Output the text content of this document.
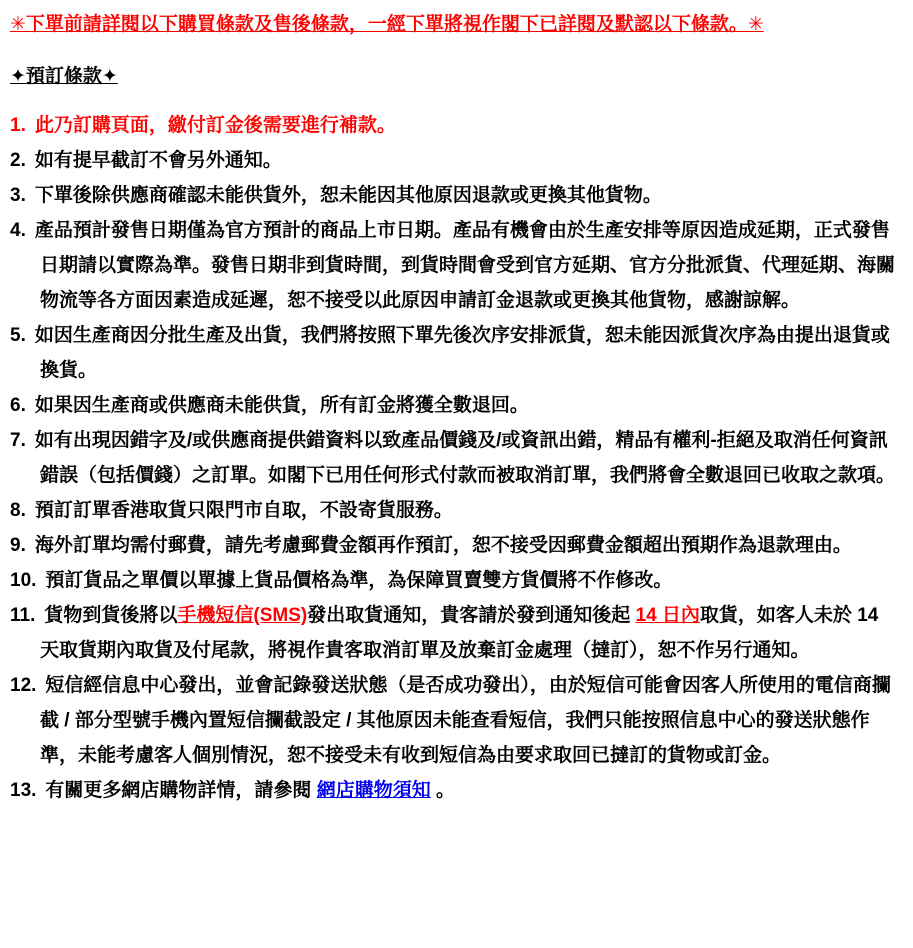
✳下單前請詳閱以下購買條款及售後條款，一經下單將視作閣下已詳閱及默認以下條款。✳
✦預訂條款✦
1. 此乃訂購頁面，繳付訂金後需要進行補款。
2. 如有提早截訂不會另外通知。
3. 下單後除供應商確認未能供貨外，恕未能因其他原因退款或更換其他貨物。
4. 產品預計發售日期僅為官方預計的商品上市日期。產品有機會由於生產安排等原因造成延期，正式發售日期請以實際為準。發售日期非到貨時間，到貨時間會受到官方延期、官方分批派貨、代理延期、海關物流等各方面因素造成延遲，恕不接受以此原因申請訂金退款或更換其他貨物，感謝諒解。
5. 如因生產商因分批生產及出貨，我們將按照下單先後次序安排派貨，恕未能因派貨次序為由提出退貨或換貨。
6. 如果因生產商或供應商未能供貨，所有訂金將獲全數退回。
7. 如有出現因錯字及/或供應商提供錯資料以致產品價錢及/或資訊出錯，精品有權利-拒絕及取消任何資訊錯誤（包括價錢）之訂單。如閣下已用任何形式付款而被取消訂單，我們將會全數退回已收取之款項。
8. 預訂訂單香港取貨只限門市自取，不設寄貨服務。
9. 海外訂單均需付郵費，請先考慮郵費金額再作預訂，恕不接受因郵費金額超出預期作為退款理由。
10. 預訂貨品之單價以單據上貨品價格為準，為保障買賣雙方貨價將不作修改。
11. 貨物到貨後將以手機短信(SMS)發出取貨通知，貴客請於發到通知後起 14 日內取貨，如客人未於 14 天取貨期內取貨及付尾款，將視作貴客取消訂單及放棄訂金處理（撻訂），恕不作另行通知。
12. 短信經信息中心發出，並會記錄發送狀態（是否成功發出），由於短信可能會因客人所使用的電信商攔截 / 部分型號手機內置短信攔截設定 / 其他原因未能查看短信，我們只能按照信息中心的發送狀態作準，未能考慮客人個別情況，恕不接受未有收到短信為由要求取回已撻訂的貨物或訂金。
13. 有關更多網店購物詳情，請參閱 網店購物須知 。
